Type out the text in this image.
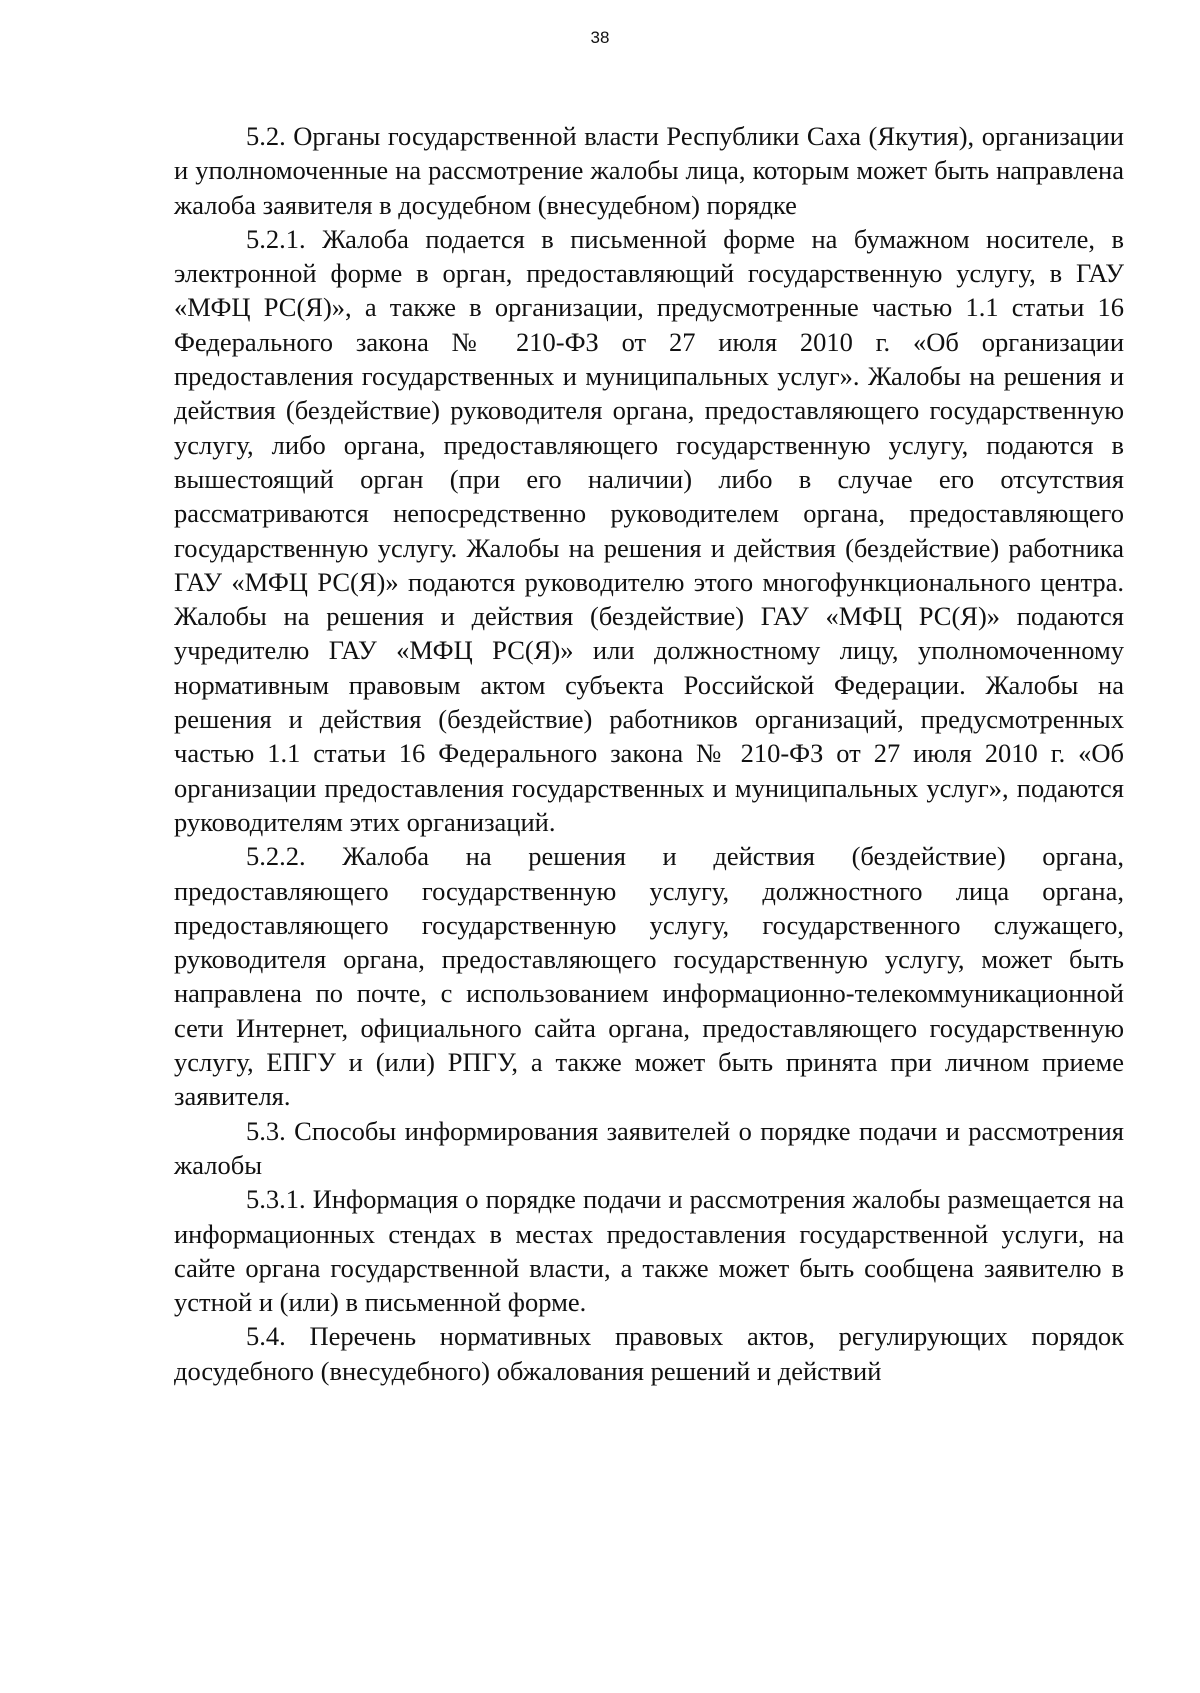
38

5.2. Органы государственной власти Республики Саха (Якутия), организации и уполномоченные на рассмотрение жалобы лица, которым может быть направлена жалоба заявителя в досудебном (внесудебном) порядке

5.2.1. Жалоба подается в письменной форме на бумажном носителе, в электронной форме в орган, предоставляющий государственную услугу, в ГАУ «МФЦ РС(Я)», а также в организации, предусмотренные частью 1.1 статьи 16 Федерального закона № 210-ФЗ от 27 июля 2010 г. «Об организации предоставления государственных и муниципальных услуг». Жалобы на решения и действия (бездействие) руководителя органа, предоставляющего государственную услугу, либо органа, предоставляющего государственную услугу, подаются в вышестоящий орган (при его наличии) либо в случае его отсутствия рассматриваются непосредственно руководителем органа, предоставляющего государственную услугу. Жалобы на решения и действия (бездействие) работника ГАУ «МФЦ РС(Я)» подаются руководителю этого многофункционального центра. Жалобы на решения и действия (бездействие) ГАУ «МФЦ РС(Я)» подаются учредителю ГАУ «МФЦ РС(Я)» или должностному лицу, уполномоченному нормативным правовым актом субъекта Российской Федерации. Жалобы на решения и действия (бездействие) работников организаций, предусмотренных частью 1.1 статьи 16 Федерального закона № 210-ФЗ от 27 июля 2010 г. «Об организации предоставления государственных и муниципальных услуг», подаются руководителям этих организаций.

5.2.2. Жалоба на решения и действия (бездействие) органа, предоставляющего государственную услугу, должностного лица органа, предоставляющего государственную услугу, государственного служащего, руководителя органа, предоставляющего государственную услугу, может быть направлена по почте, с использованием информационно-телекоммуникационной сети Интернет, официального сайта органа, предоставляющего государственную услугу, ЕПГУ и (или) РПГУ, а также может быть принята при личном приеме заявителя.

5.3. Способы информирования заявителей о порядке подачи и рассмотрения жалобы

5.3.1. Информация о порядке подачи и рассмотрения жалобы размещается на информационных стендах в местах предоставления государственной услуги, на сайте органа государственной власти, а также может быть сообщена заявителю в устной и (или) в письменной форме.

5.4. Перечень нормативных правовых актов, регулирующих порядок досудебного (внесудебного) обжалования решений и действий
